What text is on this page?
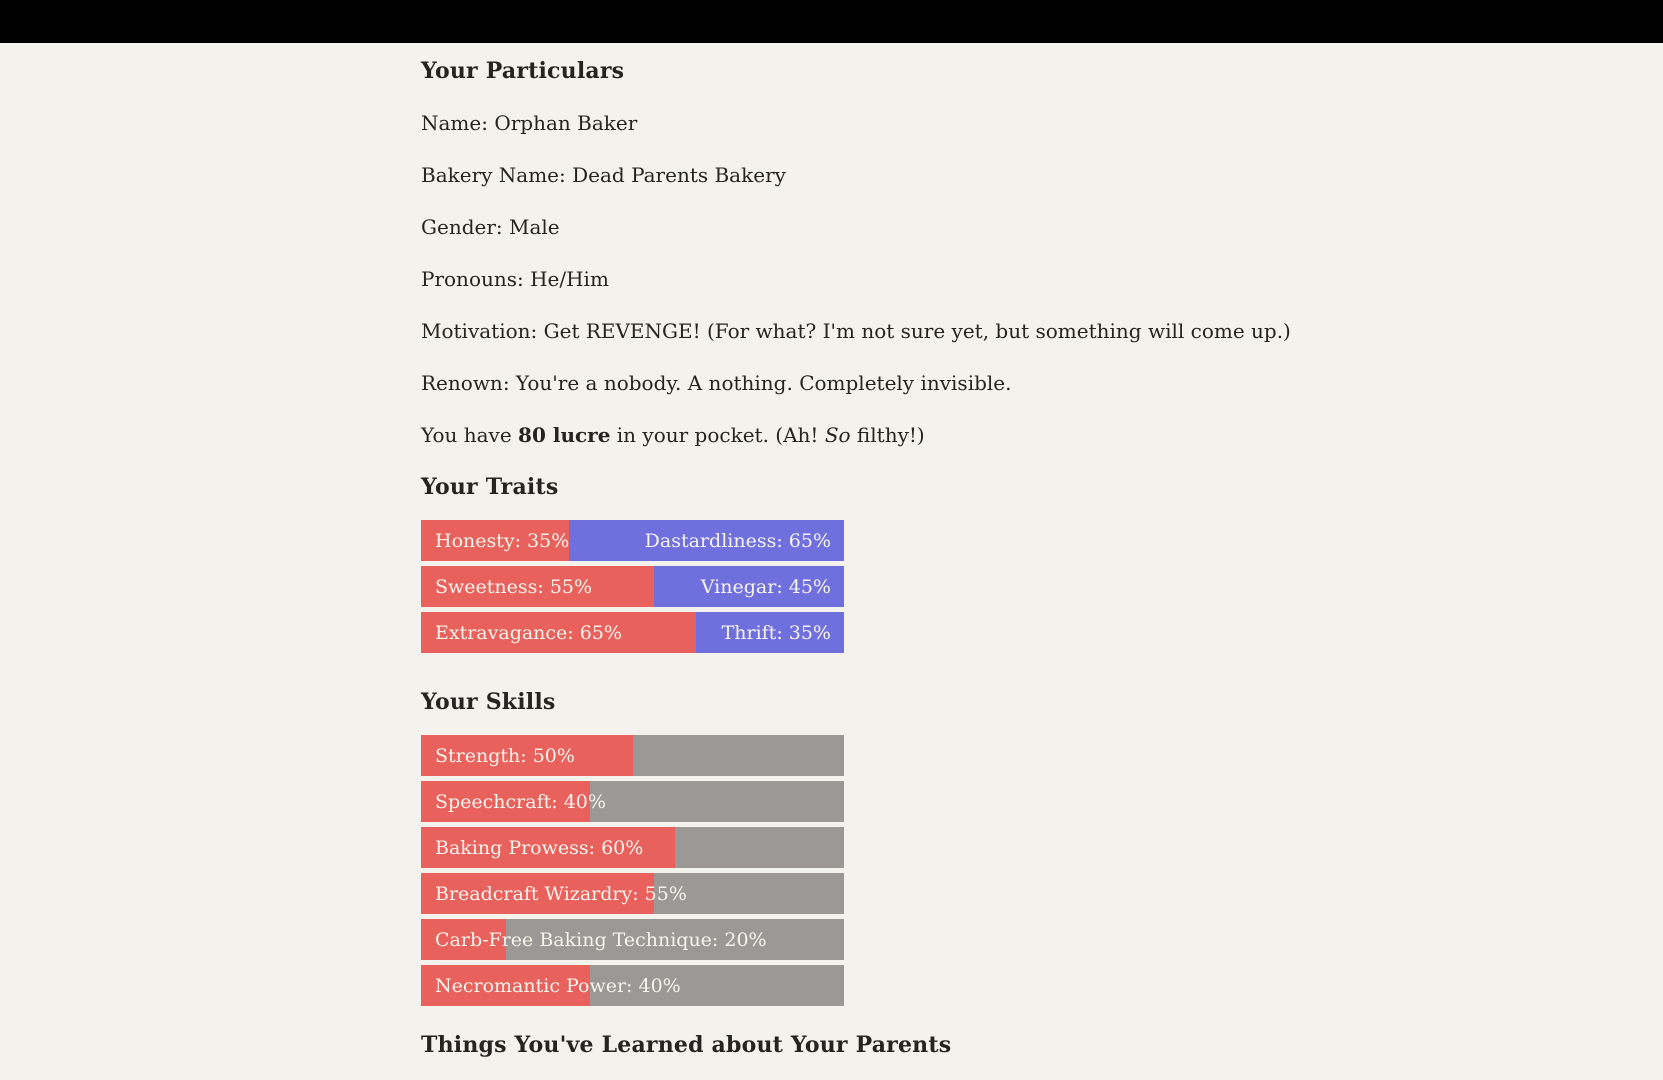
Your Particulars

Name: Orphan Baker

Bakery Name: Dead Parents Bakery

Gender: Male

Pronouns: He/Him

Motivation: Get REVENGE! (For what? I'm not sure yet, but something will come up.)

Renown: You're a nobody. A nothing. Completely invisible.

You have 80 lucre in your pocket. (Ah! So filthy!)

Your Traits
Honesty: 35%	Dastardliness: 65%
Sweetness: 55%	Vinegar: 45%
Extravagance: 65%	Thrift: 35%
Your Skills
Strength: 50%
Speechcraft: 40%
Baking Prowess: 60%
Breadcraft Wizardry: 55%
Carb-Free Baking Technique: 20%
Necromantic Power: 40%
Things You've Learned about Your Parents
